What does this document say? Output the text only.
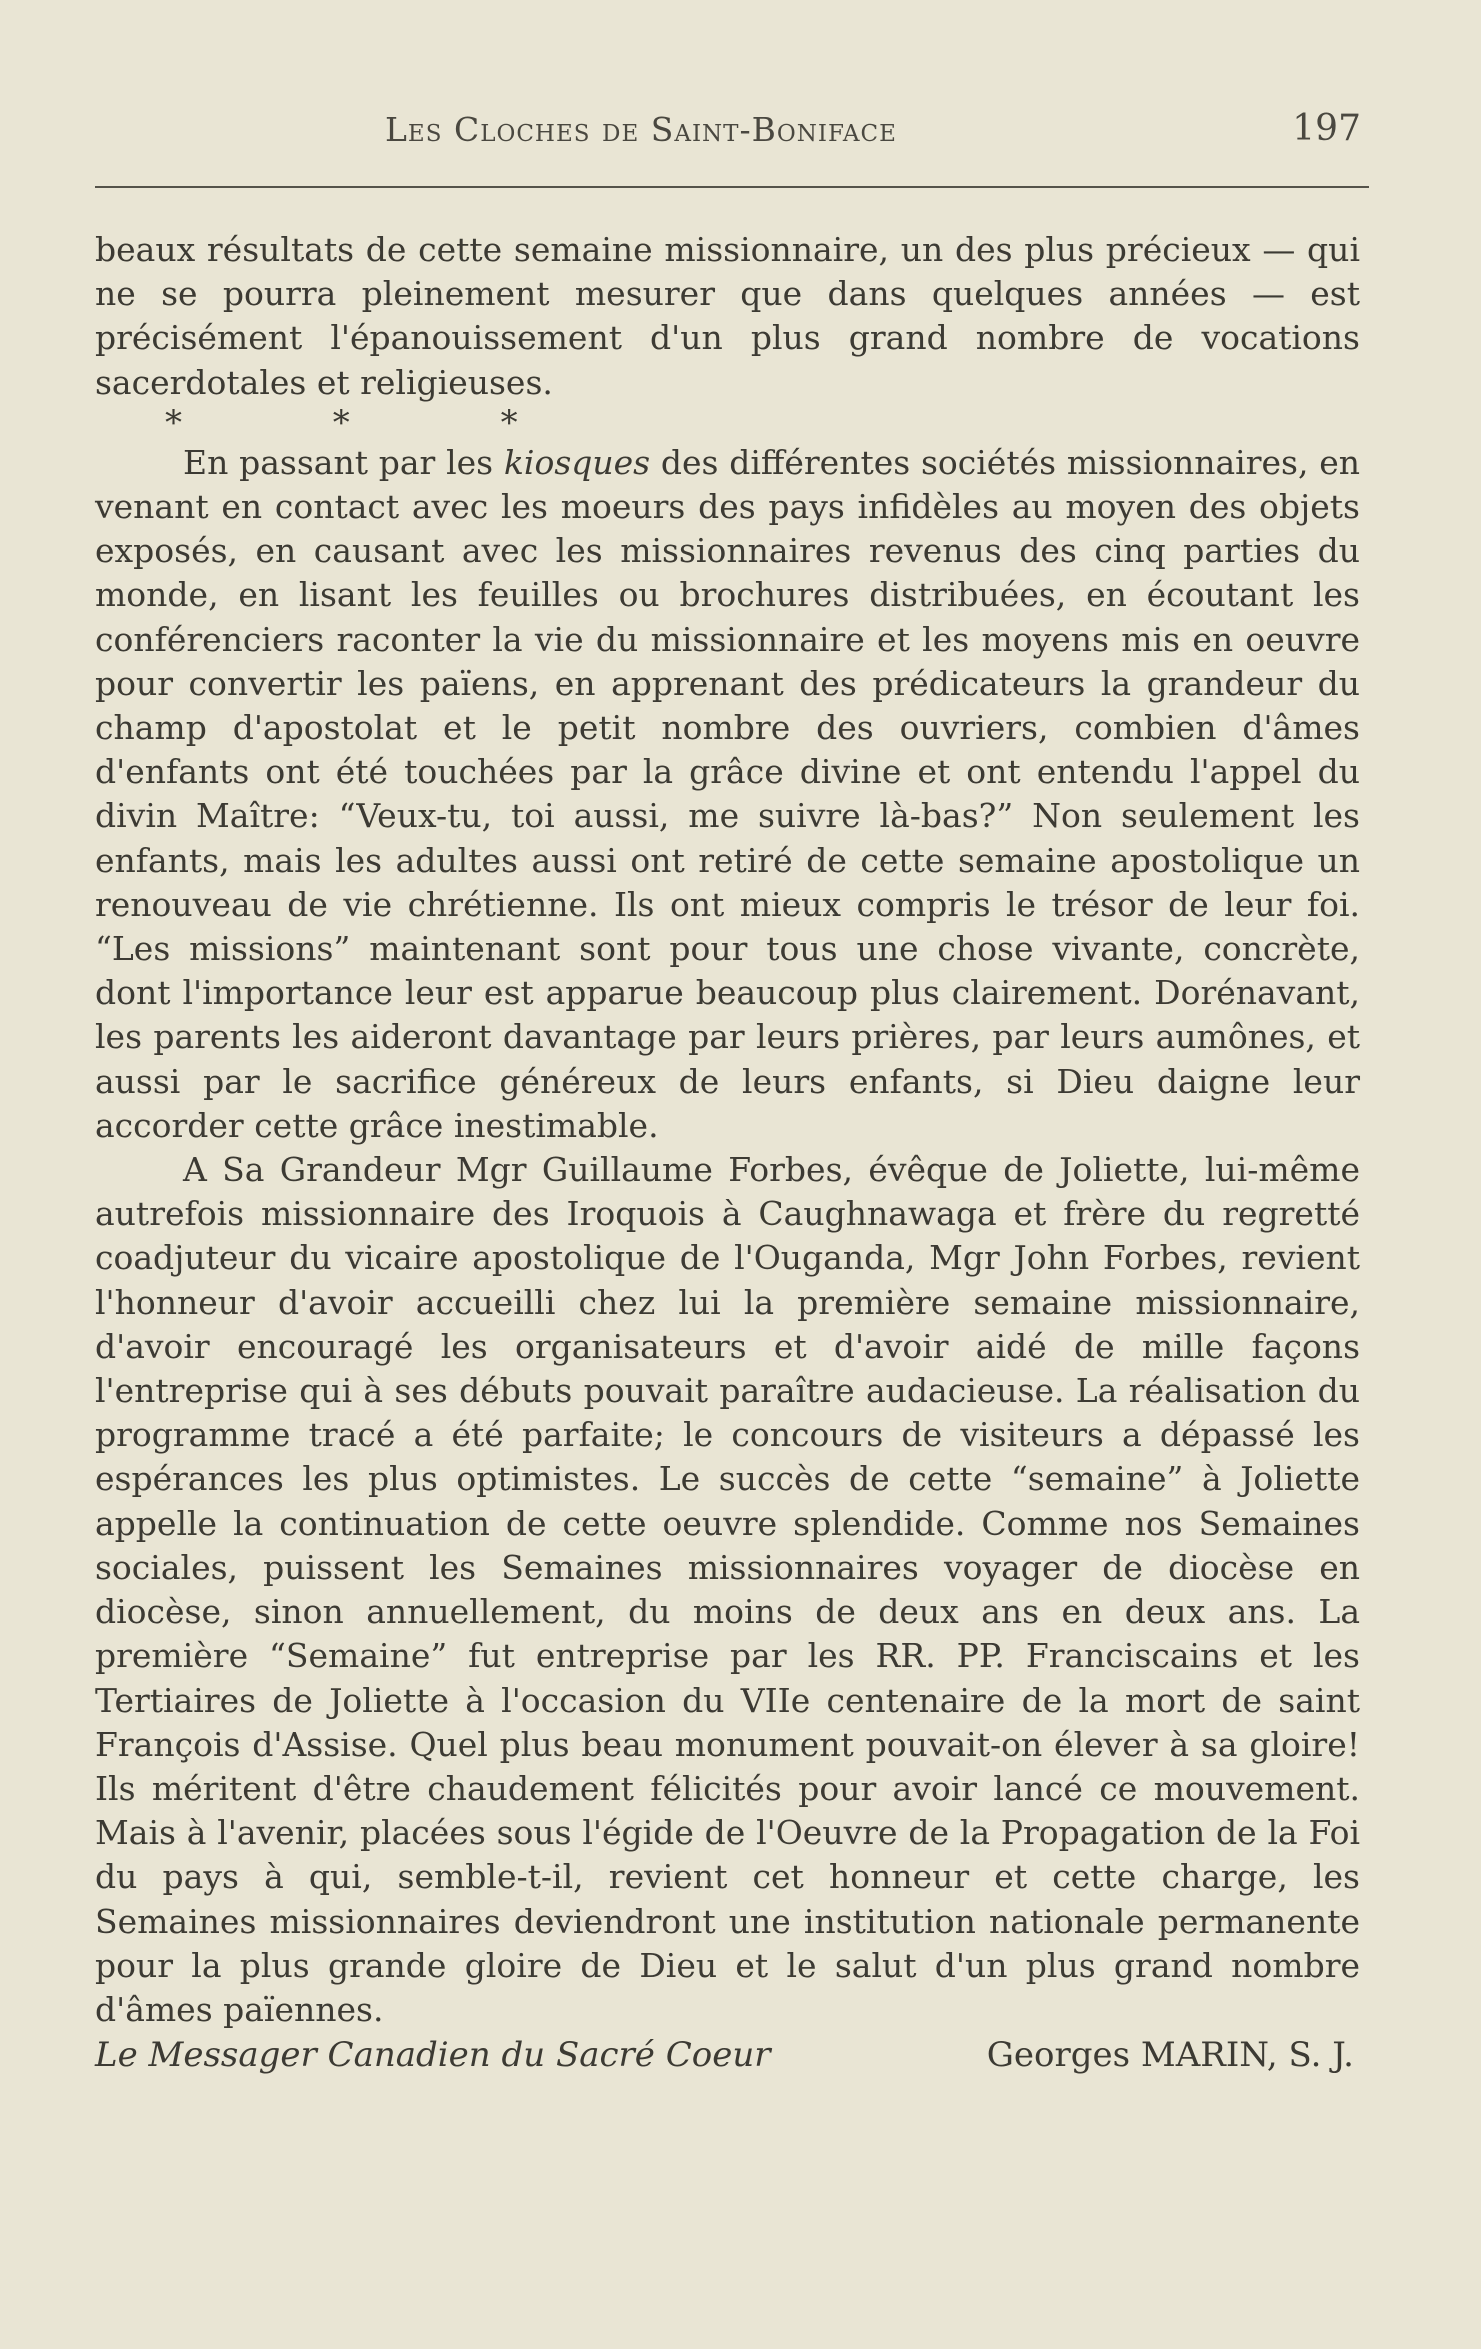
Les Cloches de Saint-Boniface	197

beaux résultats de cette semaine missionnaire, un des plus précieux — qui ne se pourra pleinement mesurer que dans quelques années — est précisément l'épanouissement d'un plus grand nombre de vocations sacerdotales et religieuses.

* * *

En passant par les kiosques des différentes sociétés missionnaires, en venant en contact avec les moeurs des pays infidèles au moyen des objets exposés, en causant avec les missionnaires revenus des cinq parties du monde, en lisant les feuilles ou brochures distribuées, en écoutant les conférenciers raconter la vie du missionnaire et les moyens mis en oeuvre pour convertir les païens, en apprenant des prédicateurs la grandeur du champ d'apostolat et le petit nombre des ouvriers, combien d'âmes d'enfants ont été touchées par la grâce divine et ont entendu l'appel du divin Maître: “Veux-tu, toi aussi, me suivre là-bas?” Non seulement les enfants, mais les adultes aussi ont retiré de cette semaine apostolique un renouveau de vie chrétienne. Ils ont mieux compris le trésor de leur foi. “Les missions” maintenant sont pour tous une chose vivante, concrète, dont l'importance leur est apparue beaucoup plus clairement. Dorénavant, les parents les aideront davantage par leurs prières, par leurs aumônes, et aussi par le sacrifice généreux de leurs enfants, si Dieu daigne leur accorder cette grâce inestimable.

A Sa Grandeur Mgr Guillaume Forbes, évêque de Joliette, lui-même autrefois missionnaire des Iroquois à Caughnawaga et frère du regretté coadjuteur du vicaire apostolique de l'Ouganda, Mgr John Forbes, revient l'honneur d'avoir accueilli chez lui la première semaine missionnaire, d'avoir encouragé les organisateurs et d'avoir aidé de mille façons l'entreprise qui à ses débuts pouvait paraître audacieuse. La réalisation du programme tracé a été parfaite; le concours de visiteurs a dépassé les espérances les plus optimistes. Le succès de cette “semaine” à Joliette appelle la continuation de cette oeuvre splendide. Comme nos Semaines sociales, puissent les Semaines missionnaires voyager de diocèse en diocèse, sinon annuellement, du moins de deux ans en deux ans. La première “Semaine” fut entreprise par les RR. PP. Franciscains et les Tertiaires de Joliette à l'occasion du VIIe centenaire de la mort de saint François d'Assise. Quel plus beau monument pouvait-on élever à sa gloire! Ils méritent d'être chaudement félicités pour avoir lancé ce mouvement. Mais à l'avenir, placées sous l'égide de l'Oeuvre de la Propagation de la Foi du pays à qui, semble-t-il, revient cet honneur et cette charge, les Semaines missionnaires deviendront une institution nationale permanente pour la plus grande gloire de Dieu et le salut d'un plus grand nombre d'âmes païennes.

Le Messager Canadien du Sacré Coeur	Georges MARIN, S. J.
